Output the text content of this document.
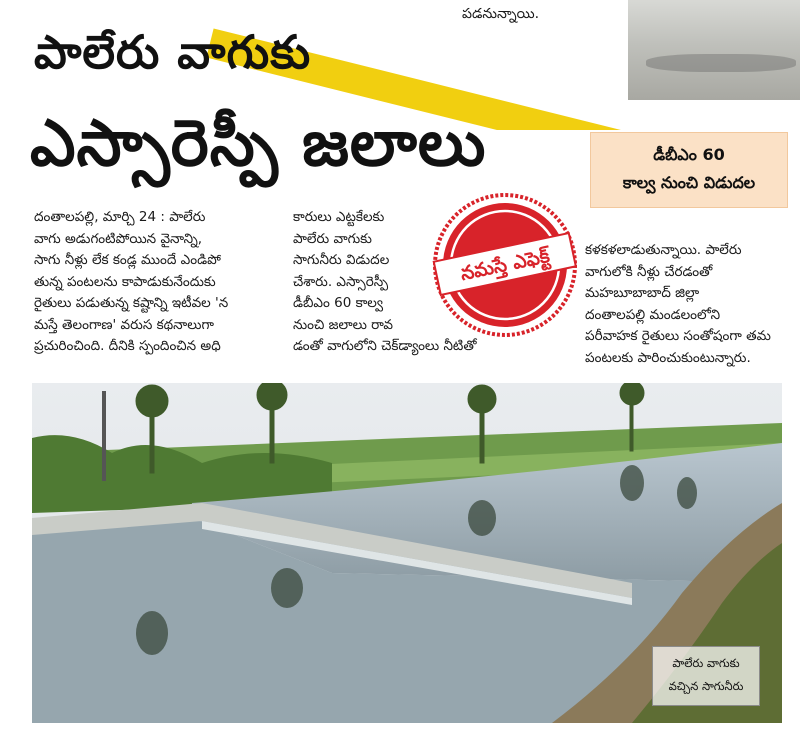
పడనున్నాయి.
పాలేరు వాగుకు
ఎస్సారెస్పీ జలాలు	డీబీఎం 60
కాల్వ నుంచి విడుదల
దంతాలపల్లి, మార్చి 24 : పాలేరు
వాగు అడుగంటిపోయిన వైనాన్ని,
సాగు నీళ్లు లేక కండ్ల ముందే ఎండిపో
తున్న పంటలను కాపాడుకునేందుకు
రైతులు పడుతున్న కష్టాన్ని ఇటీవల 'న
మస్తే తెలంగాణ' వరుస కథనాలుగా
ప్రచురించింది. దీనికి స్పందించిన అధి
కారులు ఎట్టకేలకు
పాలేరు వాగుకు
సాగునీరు విడుదల
చేశారు. ఎస్సారెస్పీ
డీబీఎం 60 కాల్వ
నుంచి జలాలు రావ
డంతో వాగులోని చెక్‌డ్యాంలు నీటితో
కళకళలాడుతున్నాయి. పాలేరు
వాగులోకి నీళ్లు చేరడంతో
మహబూబాబాద్ జిల్లా
దంతాలపల్లి మండలంలోని
పరీవాహక రైతులు సంతోషంగా తమ
పంటలకు పారించుకుంటున్నారు.
నమస్తే ఎఫెక్ట్
పాలేరు వాగుకు
వచ్చిన సాగునీరు
